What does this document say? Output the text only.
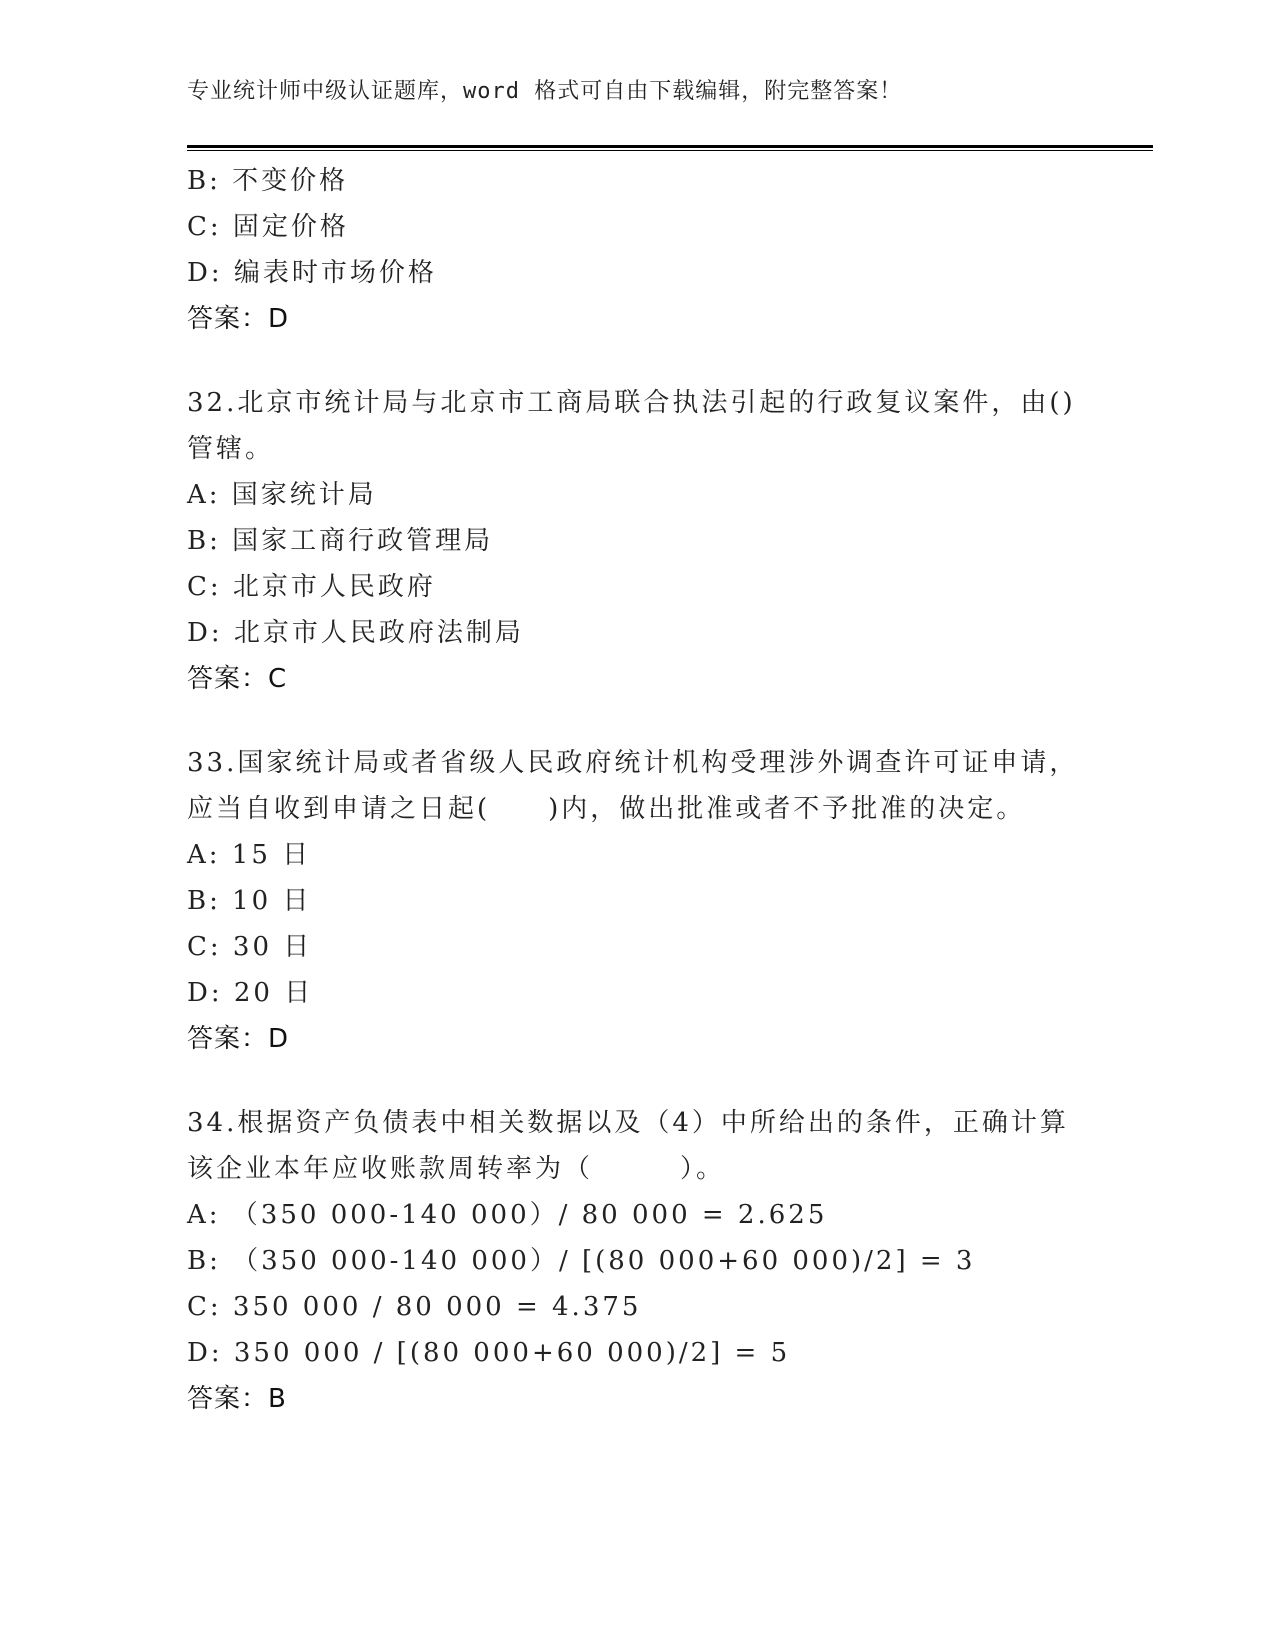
专业统计师中级认证题库，word 格式可自由下载编辑，附完整答案！
B: 不变价格
C: 固定价格
D: 编表时市场价格
答案：D
32.北京市统计局与北京市工商局联合执法引起的行政复议案件，由()
管辖。
A: 国家统计局
B: 国家工商行政管理局
C: 北京市人民政府
D: 北京市人民政府法制局
答案：C
33.国家统计局或者省级人民政府统计机构受理涉外调查许可证申请，
应当自收到申请之日起(　　)内，做出批准或者不予批准的决定。
A: 15 日
B: 10 日
C: 30 日
D: 20 日
答案：D
34.根据资产负债表中相关数据以及（4）中所给出的条件，正确计算
该企业本年应收账款周转率为（　　　）。
A: （350 000-140 000）/ 80 000 = 2.625
B: （350 000-140 000）/ [(80 000+60 000)/2] = 3
C: 350 000 / 80 000 = 4.375
D: 350 000 / [(80 000+60 000)/2] = 5
答案：B
